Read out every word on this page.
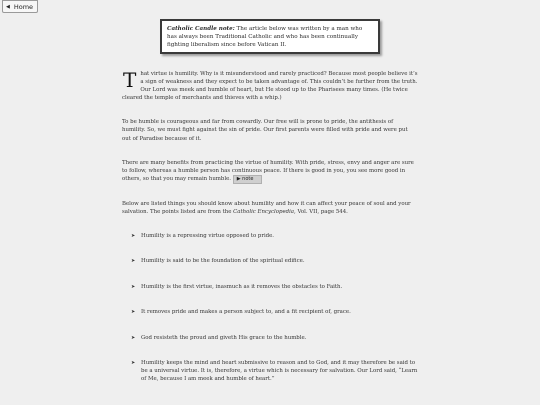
◀ Home
Catholic Candle note: The article below was written by a man who has always been Traditional Catholic and who has been continually fighting liberalism since before Vatican II.

That virtue is humility. Why is it misunderstood and rarely practiced? Because most people believe it’s a sign of weakness and they expect to be taken advantage of. This couldn’t be further from the truth. Our Lord was meek and humble of heart, but He stood up to the Pharisees many times. (He twice cleared the temple of merchants and thieves with a whip.)

To be humble is courageous and far from cowardly. Our free will is prone to pride, the antithesis of humility. So, we must fight against the sin of pride. Our first parents were filled with pride and were put out of Paradise because of it.

There are many benefits from practicing the virtue of humility. With pride, stress, envy and anger are sure to follow, whereas a humble person has continuous peace. If there is good in you, you see more good in others, so that you may remain humble. ▶ note

Below are listed things you should know about humility and how it can affect your peace of soul and your salvation. The points listed are from the Catholic Encyclopedia, Vol. VII, page 544.

➤ Humility is a repressing virtue opposed to pride.
➤ Humility is said to be the foundation of the spiritual edifice.
➤ Humility is the first virtue, inasmuch as it removes the obstacles to Faith.
➤ It removes pride and makes a person subject to, and a fit recipient of, grace.
➤ God resisteth the proud and giveth His grace to the humble.
➤ Humility keeps the mind and heart submissive to reason and to God, and it may therefore be said to be a universal virtue. It is, therefore, a virtue which is necessary for salvation. Our Lord said, “Learn of Me, because I am meek and humble of heart.”
